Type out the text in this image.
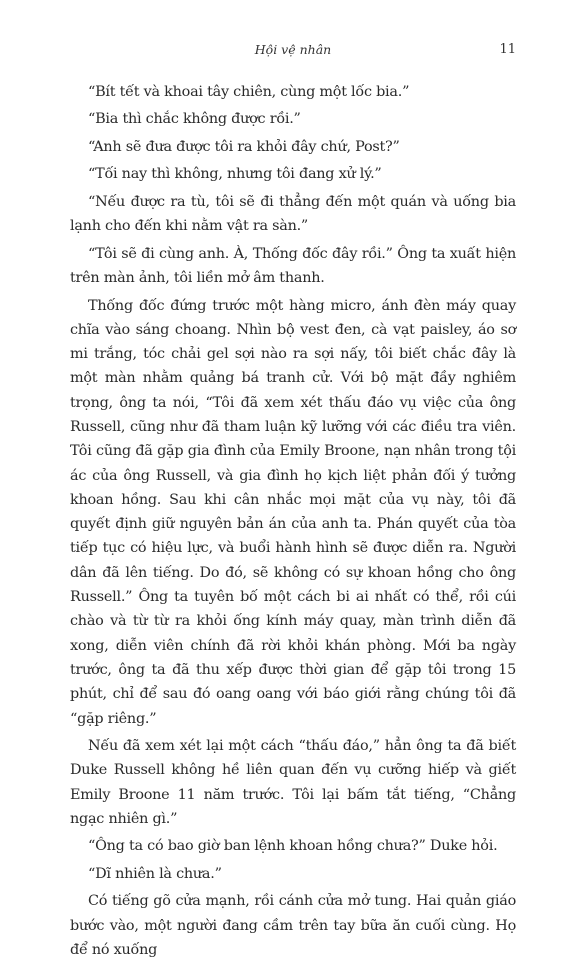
Hội vệ nhân	11

“Bít tết và khoai tây chiên, cùng một lốc bia.”

“Bia thì chắc không được rồi.”

“Anh sẽ đưa được tôi ra khỏi đây chứ, Post?”

“Tối nay thì không, nhưng tôi đang xử lý.”

“Nếu được ra tù, tôi sẽ đi thẳng đến một quán và uống bia lạnh cho đến khi nằm vật ra sàn.”

“Tôi sẽ đi cùng anh. À, Thống đốc đây rồi.” Ông ta xuất hiện trên màn ảnh, tôi liền mở âm thanh.

Thống đốc đứng trước một hàng micro, ánh đèn máy quay chĩa vào sáng choang. Nhìn bộ vest đen, cà vạt paisley, áo sơ mi trắng, tóc chải gel sợi nào ra sợi nấy, tôi biết chắc đây là một màn nhằm quảng bá tranh cử. Với bộ mặt đầy nghiêm trọng, ông ta nói, “Tôi đã xem xét thấu đáo vụ việc của ông Russell, cũng như đã tham luận kỹ lưỡng với các điều tra viên. Tôi cũng đã gặp gia đình của Emily Broone, nạn nhân trong tội ác của ông Russell, và gia đình họ kịch liệt phản đối ý tưởng khoan hồng. Sau khi cân nhắc mọi mặt của vụ này, tôi đã quyết định giữ nguyên bản án của anh ta. Phán quyết của tòa tiếp tục có hiệu lực, và buổi hành hình sẽ được diễn ra. Người dân đã lên tiếng. Do đó, sẽ không có sự khoan hồng cho ông Russell.” Ông ta tuyên bố một cách bi ai nhất có thể, rồi cúi chào và từ từ ra khỏi ống kính máy quay, màn trình diễn đã xong, diễn viên chính đã rời khỏi khán phòng. Mới ba ngày trước, ông ta đã thu xếp được thời gian để gặp tôi trong 15 phút, chỉ để sau đó oang oang với báo giới rằng chúng tôi đã “gặp riêng.”

Nếu đã xem xét lại một cách “thấu đáo,” hẳn ông ta đã biết Duke Russell không hề liên quan đến vụ cưỡng hiếp và giết Emily Broone 11 năm trước. Tôi lại bấm tắt tiếng, “Chẳng ngạc nhiên gì.”

“Ông ta có bao giờ ban lệnh khoan hồng chưa?” Duke hỏi.

“Dĩ nhiên là chưa.”

Có tiếng gõ cửa mạnh, rồi cánh cửa mở tung. Hai quản giáo bước vào, một người đang cầm trên tay bữa ăn cuối cùng. Họ để nó xuống
